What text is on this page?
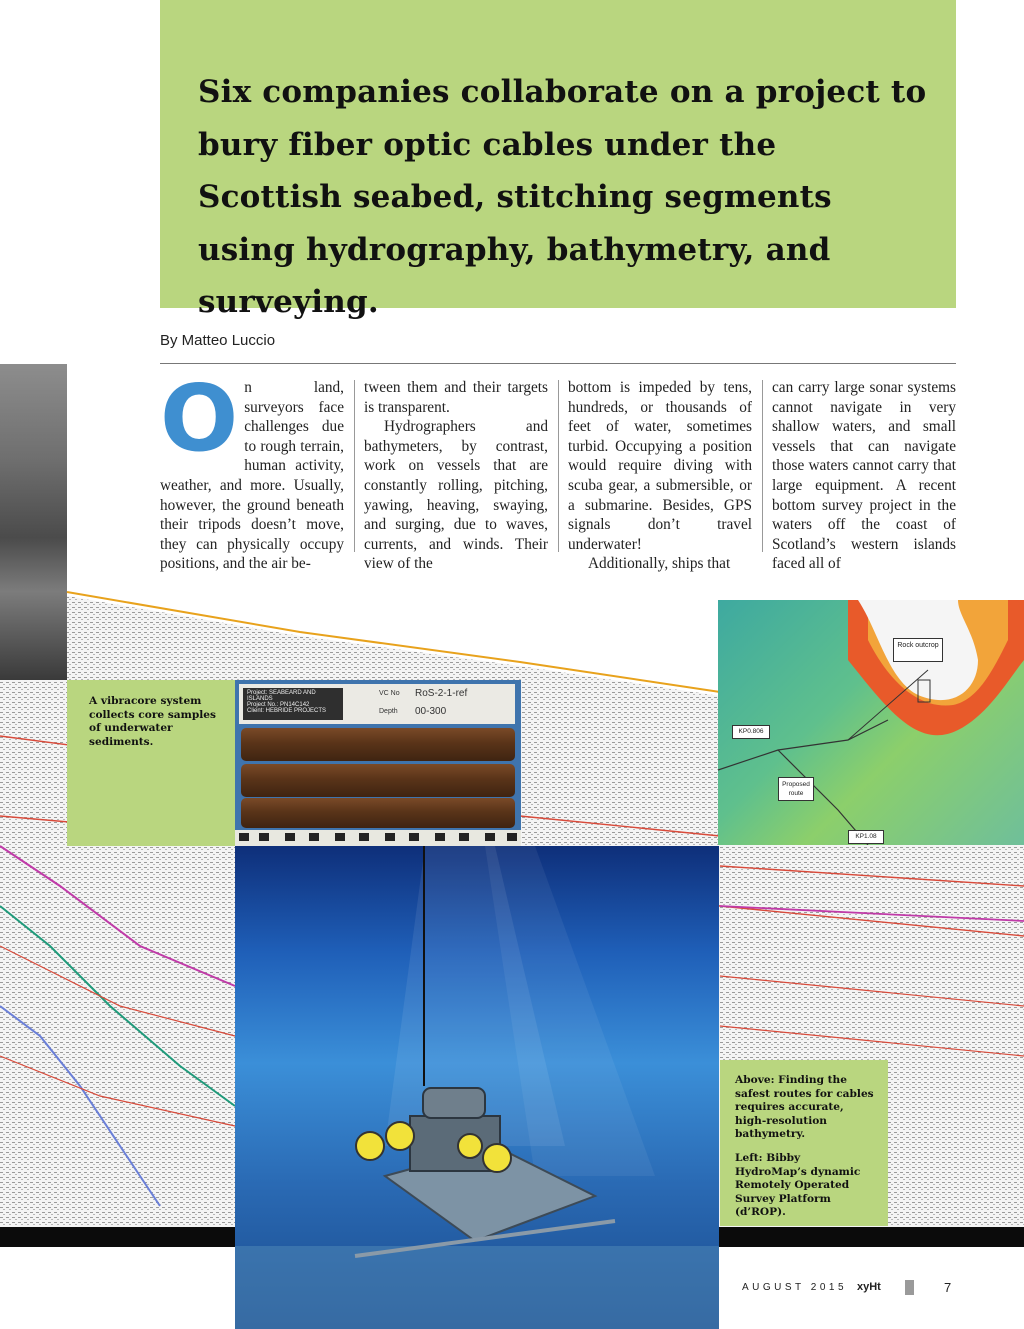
Six companies collaborate on a project to bury fiber optic cables under the Scottish seabed, stitching segments using hydrography, bathymetry, and surveying.
By Matteo Luccio
O n land, surveyors face challenges due to rough terrain, human activity, weather, and more. Usually, however, the ground beneath their tripods doesn’t move, they can physically occupy positions, and the air be-

tween them and their targets is transparent.

Hydrographers and bathymeters, by contrast, work on vessels that are constantly rolling, pitching, yawing, heaving, swaying, and surging, due to waves, currents, and winds. Their view of the

bottom is impeded by tens, hundreds, or thousands of feet of water, sometimes turbid. Occupying a position would require diving with scuba gear, a submersible, or a submarine. Besides, GPS signals don’t travel underwater!

Additionally, ships that

can carry large sonar systems cannot navigate in very shallow waters, and small vessels that can navigate those waters cannot carry that large equipment. A recent bottom survey project in the waters off the coast of Scotland’s western islands faced all of

A vibracore system collects core samples of underwater sediments.

Project: SEABEARD AND ISLANDS
Project No.: PN14C142
Client: HEBRIDE PROJECTS
VC No RoS-2-1-ref
Depth 00-300
Rock outcrop
KP0.806
Proposed route
KP1.08

Above: Finding the safest routes for cables requires accurate, high-resolution bathymetry.

Left: Bibby HydroMap’s dynamic Remotely Operated Survey Platform (d’ROP).

AUGUST 2015 xyHt	7
